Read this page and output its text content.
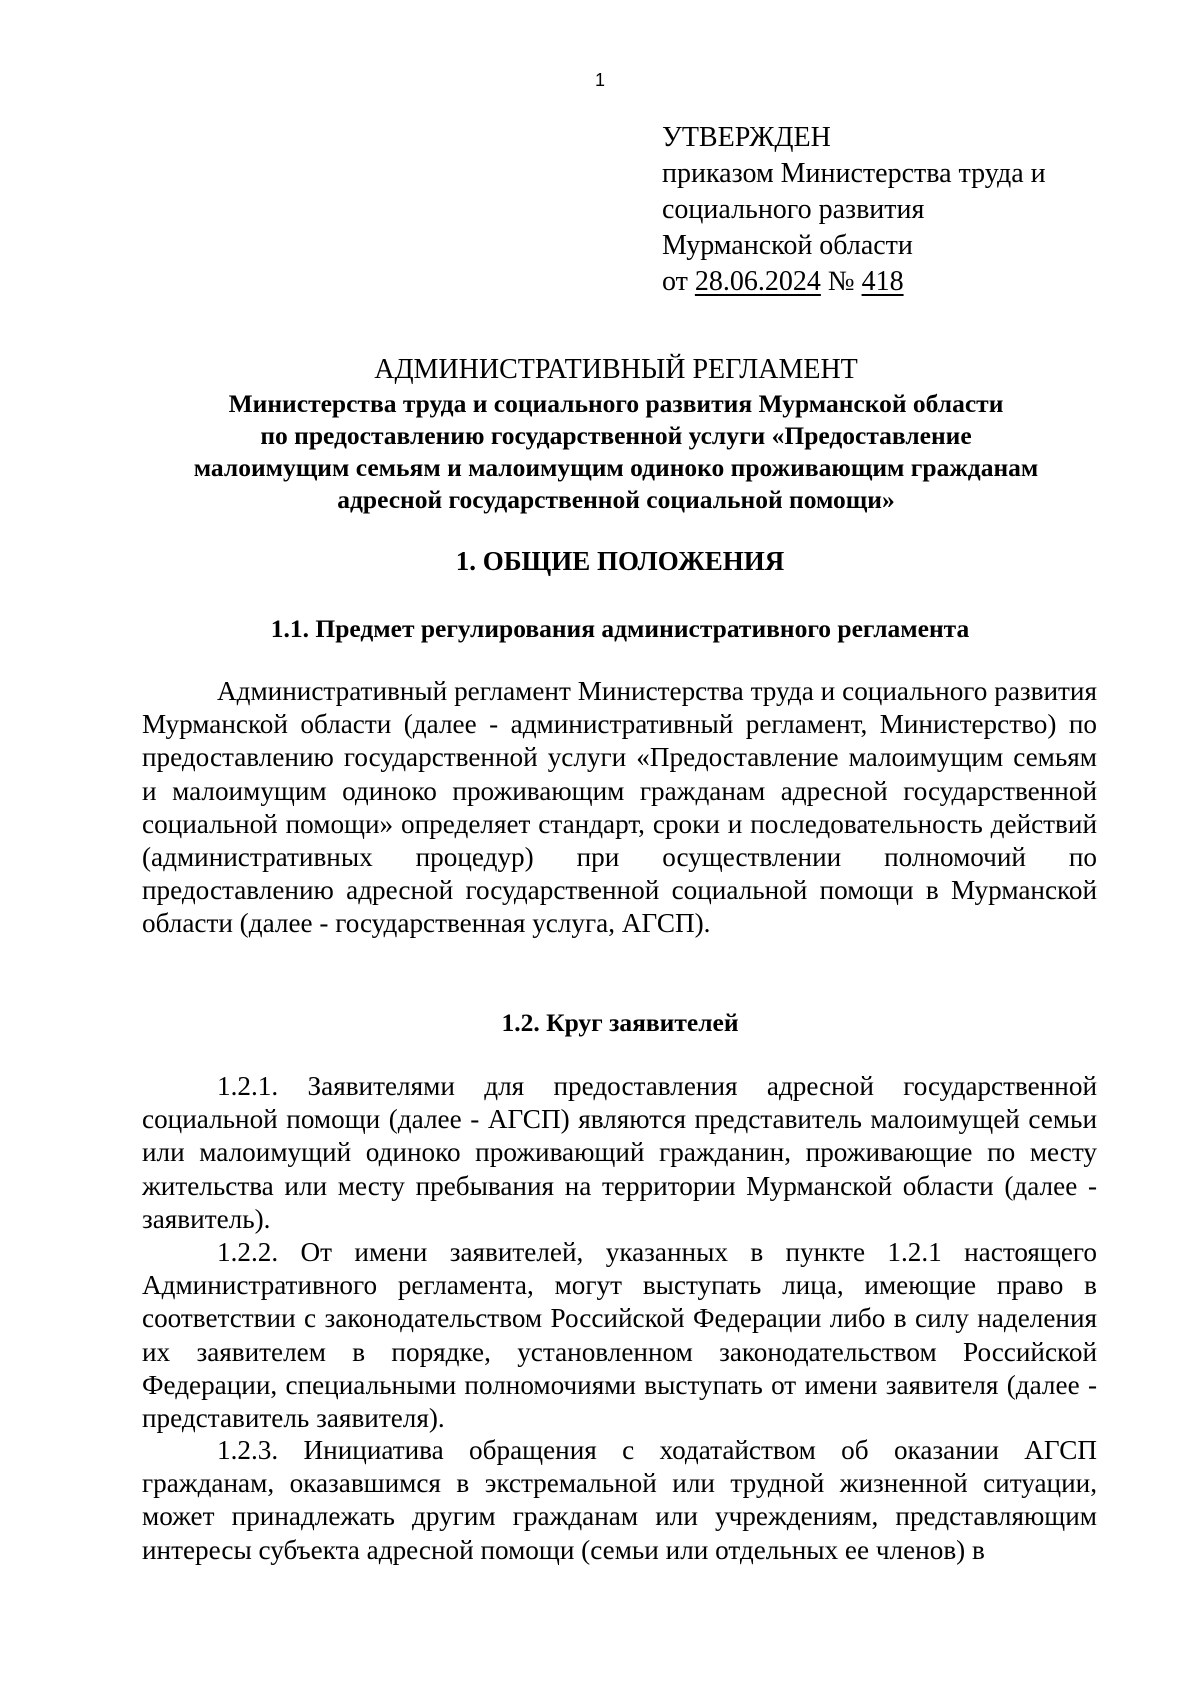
1
УТВЕРЖДЕН
приказом Министерства труда и
социального развития
Мурманской области
от 28.06.2024 № 418
АДМИНИСТРАТИВНЫЙ РЕГЛАМЕНТ
Министерства труда и социального развития Мурманской области
по предоставлению государственной услуги «Предоставление
малоимущим семьям и малоимущим одиноко проживающим гражданам
адресной государственной социальной помощи»
1. ОБЩИЕ ПОЛОЖЕНИЯ
1.1. Предмет регулирования административного регламента

Административный регламент Министерства труда и социального развития Мурманской области (далее - административный регламент, Министерство) по предоставлению государственной услуги «Предоставление малоимущим семьям и малоимущим одиноко проживающим гражданам адресной государственной социальной помощи» определяет стандарт, сроки и последовательность действий (административных процедур) при осуществлении полномочий по предоставлению адресной государственной социальной помощи в Мурманской области (далее - государственная услуга, АГСП).

1.2. Круг заявителей

1.2.1. Заявителями для предоставления адресной государственной социальной помощи (далее - АГСП) являются представитель малоимущей семьи или малоимущий одиноко проживающий гражданин, проживающие по месту жительства или месту пребывания на территории Мурманской области (далее - заявитель).

1.2.2. От имени заявителей, указанных в пункте 1.2.1 настоящего Административного регламента, могут выступать лица, имеющие право в соответствии с законодательством Российской Федерации либо в силу наделения их заявителем в порядке, установленном законодательством Российской Федерации, специальными полномочиями выступать от имени заявителя (далее - представитель заявителя).

1.2.3. Инициатива обращения с ходатайством об оказании АГСП гражданам, оказавшимся в экстремальной или трудной жизненной ситуации, может принадлежать другим гражданам или учреждениям, представляющим интересы субъекта адресной помощи (семьи или отдельных ее членов) в
